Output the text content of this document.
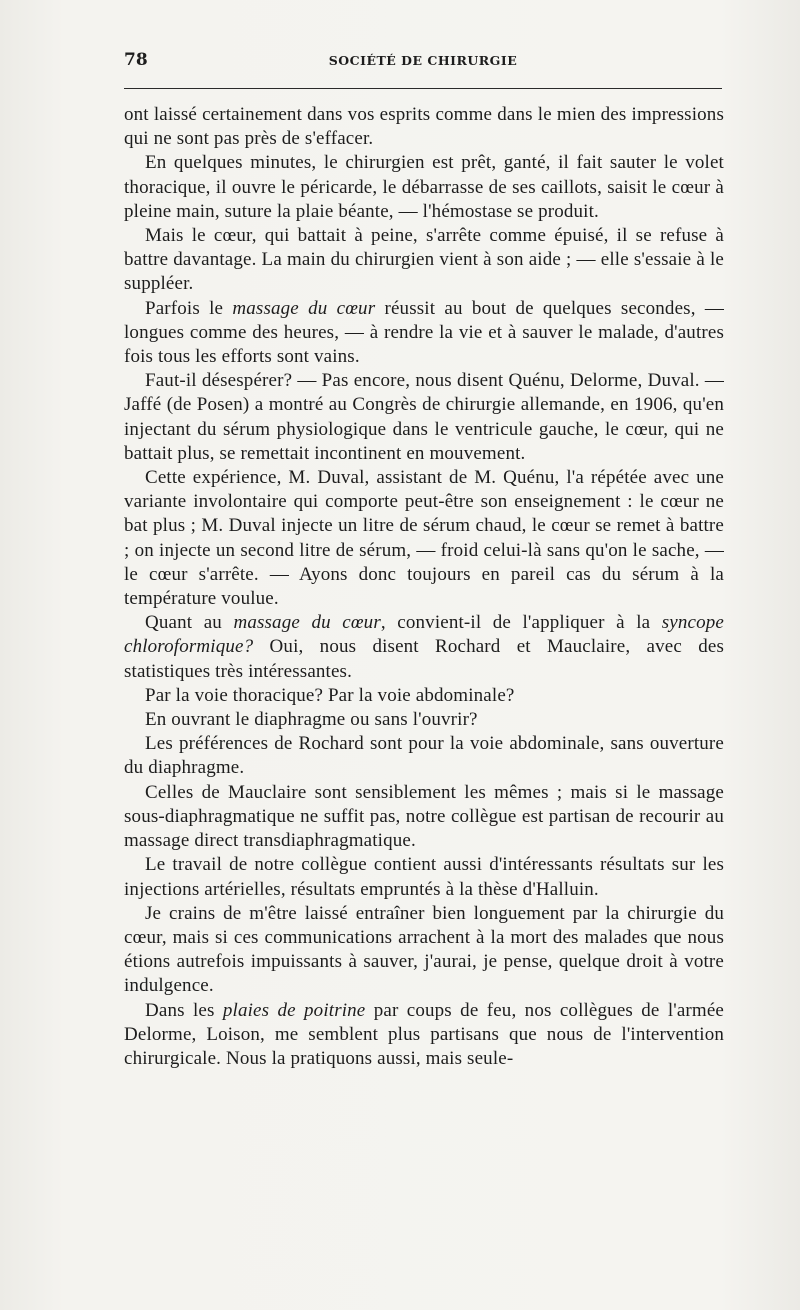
78	SOCIÉTÉ DE CHIRURGIE

ont laissé certainement dans vos esprits comme dans le mien des impressions qui ne sont pas près de s'effacer.

En quelques minutes, le chirurgien est prêt, ganté, il fait sauter le volet thoracique, il ouvre le péricarde, le débarrasse de ses caillots, saisit le cœur à pleine main, suture la plaie béante, — l'hémostase se produit.

Mais le cœur, qui battait à peine, s'arrête comme épuisé, il se refuse à battre davantage. La main du chirurgien vient à son aide ; — elle s'essaie à le suppléer.

Parfois le massage du cœur réussit au bout de quelques secondes, — longues comme des heures, — à rendre la vie et à sauver le malade, d'autres fois tous les efforts sont vains.

Faut-il désespérer? — Pas encore, nous disent Quénu, Delorme, Duval. — Jaffé (de Posen) a montré au Congrès de chirurgie allemande, en 1906, qu'en injectant du sérum physiologique dans le ventricule gauche, le cœur, qui ne battait plus, se remettait incontinent en mouvement.

Cette expérience, M. Duval, assistant de M. Quénu, l'a répétée avec une variante involontaire qui comporte peut-être son enseignement : le cœur ne bat plus ; M. Duval injecte un litre de sérum chaud, le cœur se remet à battre ; on injecte un second litre de sérum, — froid celui-là sans qu'on le sache, — le cœur s'arrête. — Ayons donc toujours en pareil cas du sérum à la température voulue.

Quant au massage du cœur, convient-il de l'appliquer à la syncope chloroformique? Oui, nous disent Rochard et Mauclaire, avec des statistiques très intéressantes.

Par la voie thoracique? Par la voie abdominale?

En ouvrant le diaphragme ou sans l'ouvrir?

Les préférences de Rochard sont pour la voie abdominale, sans ouverture du diaphragme.

Celles de Mauclaire sont sensiblement les mêmes ; mais si le massage sous-diaphragmatique ne suffit pas, notre collègue est partisan de recourir au massage direct transdiaphragmatique.

Le travail de notre collègue contient aussi d'intéressants résultats sur les injections artérielles, résultats empruntés à la thèse d'Halluin.

Je crains de m'être laissé entraîner bien longuement par la chirurgie du cœur, mais si ces communications arrachent à la mort des malades que nous étions autrefois impuissants à sauver, j'aurai, je pense, quelque droit à votre indulgence.

Dans les plaies de poitrine par coups de feu, nos collègues de l'armée Delorme, Loison, me semblent plus partisans que nous de l'intervention chirurgicale. Nous la pratiquons aussi, mais seule-
